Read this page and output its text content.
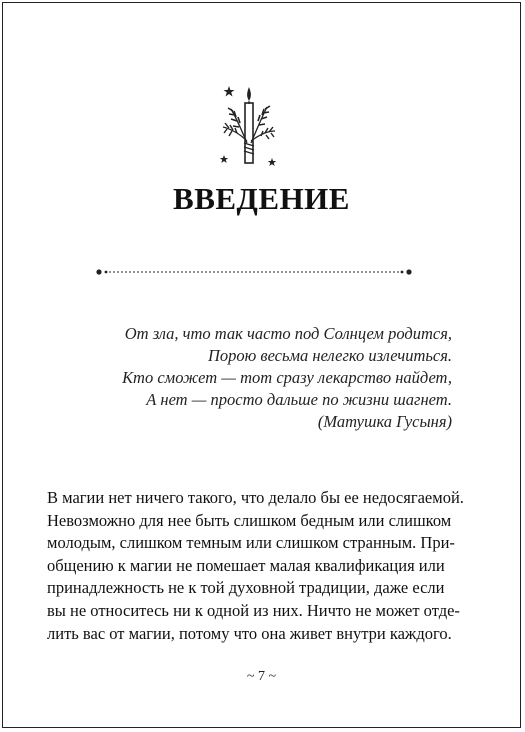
ВВЕДЕНИЕ
От зла, что так часто под Солнцем родится,
Порою весьма нелегко излечиться.
Кто сможет — тот сразу лекарство найдет,
А нет — просто дальше по жизни шагнет.
(Матушка Гусыня)
В магии нет ничего такого, что делало бы ее недосягаемой.
Невозможно для нее быть слишком бедным или слишком
молодым, слишком темным или слишком странным. При-
общению к магии не помешает малая квалификация или
принадлежность не к той духовной традиции, даже если
вы не относитесь ни к одной из них. Ничто не может отде-
лить вас от магии, потому что она живет внутри каждого.
~ 7 ~
